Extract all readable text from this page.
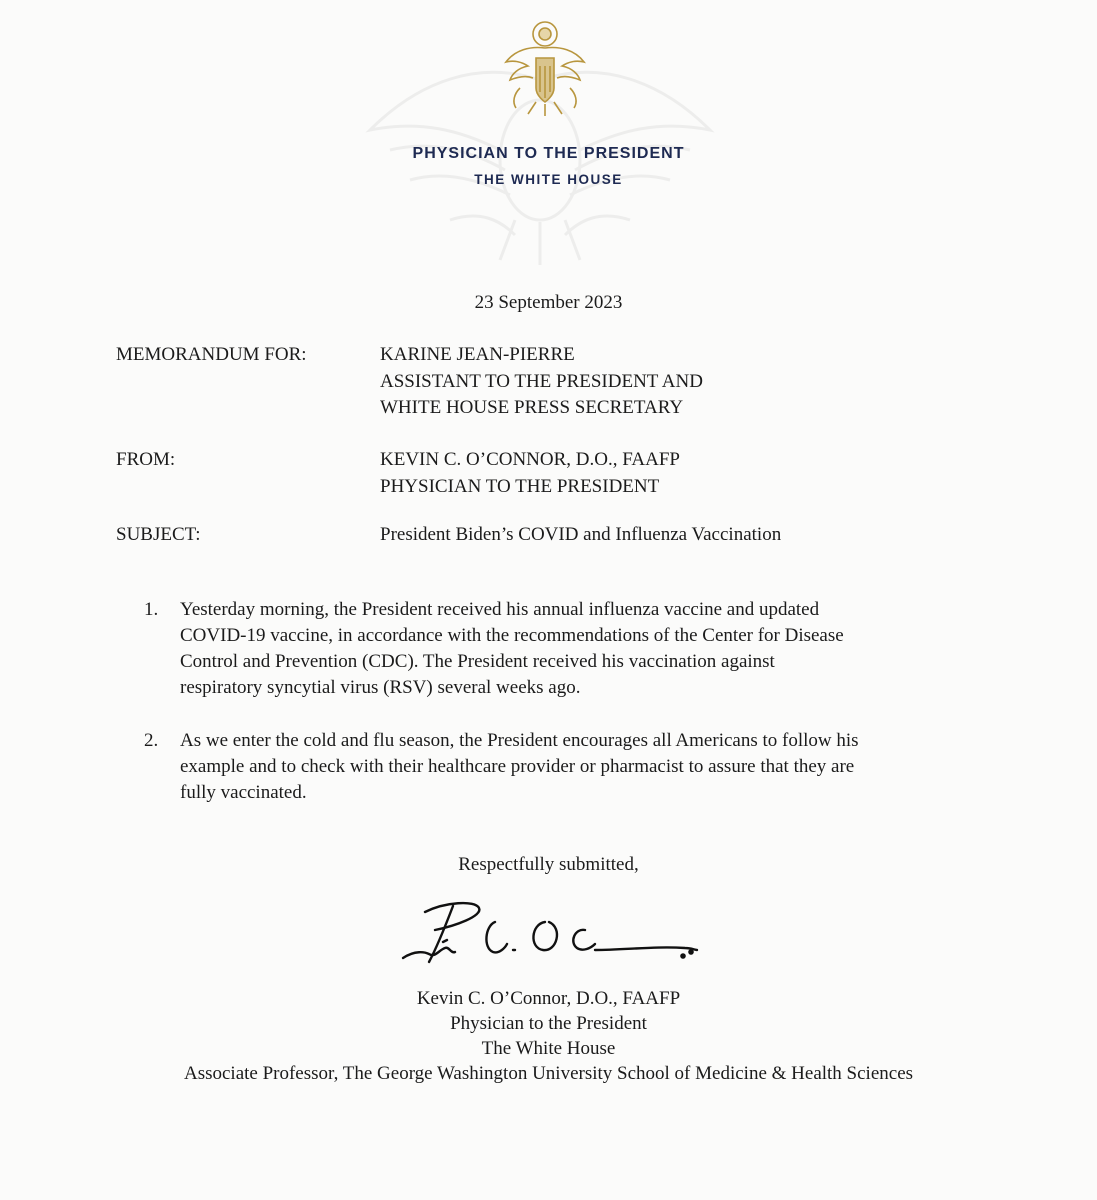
PHYSICIAN TO THE PRESIDENT
THE WHITE HOUSE
23 September 2023
MEMORANDUM FOR:	KARINE JEAN-PIERRE
ASSISTANT TO THE PRESIDENT AND
WHITE HOUSE PRESS SECRETARY
FROM:	KEVIN C. O’CONNOR, D.O., FAAFP
PHYSICIAN TO THE PRESIDENT
SUBJECT:	President Biden’s COVID and Influenza Vaccination
1. Yesterday morning, the President received his annual influenza vaccine and updated
COVID-19 vaccine, in accordance with the recommendations of the Center for Disease
Control and Prevention (CDC). The President received his vaccination against
respiratory syncytial virus (RSV) several weeks ago.
2. As we enter the cold and flu season, the President encourages all Americans to follow his
example and to check with their healthcare provider or pharmacist to assure that they are
fully vaccinated.
Respectfully submitted,
Kevin C. O’Connor, D.O., FAAFP
Physician to the President
The White House
Associate Professor, The George Washington University School of Medicine & Health Sciences
